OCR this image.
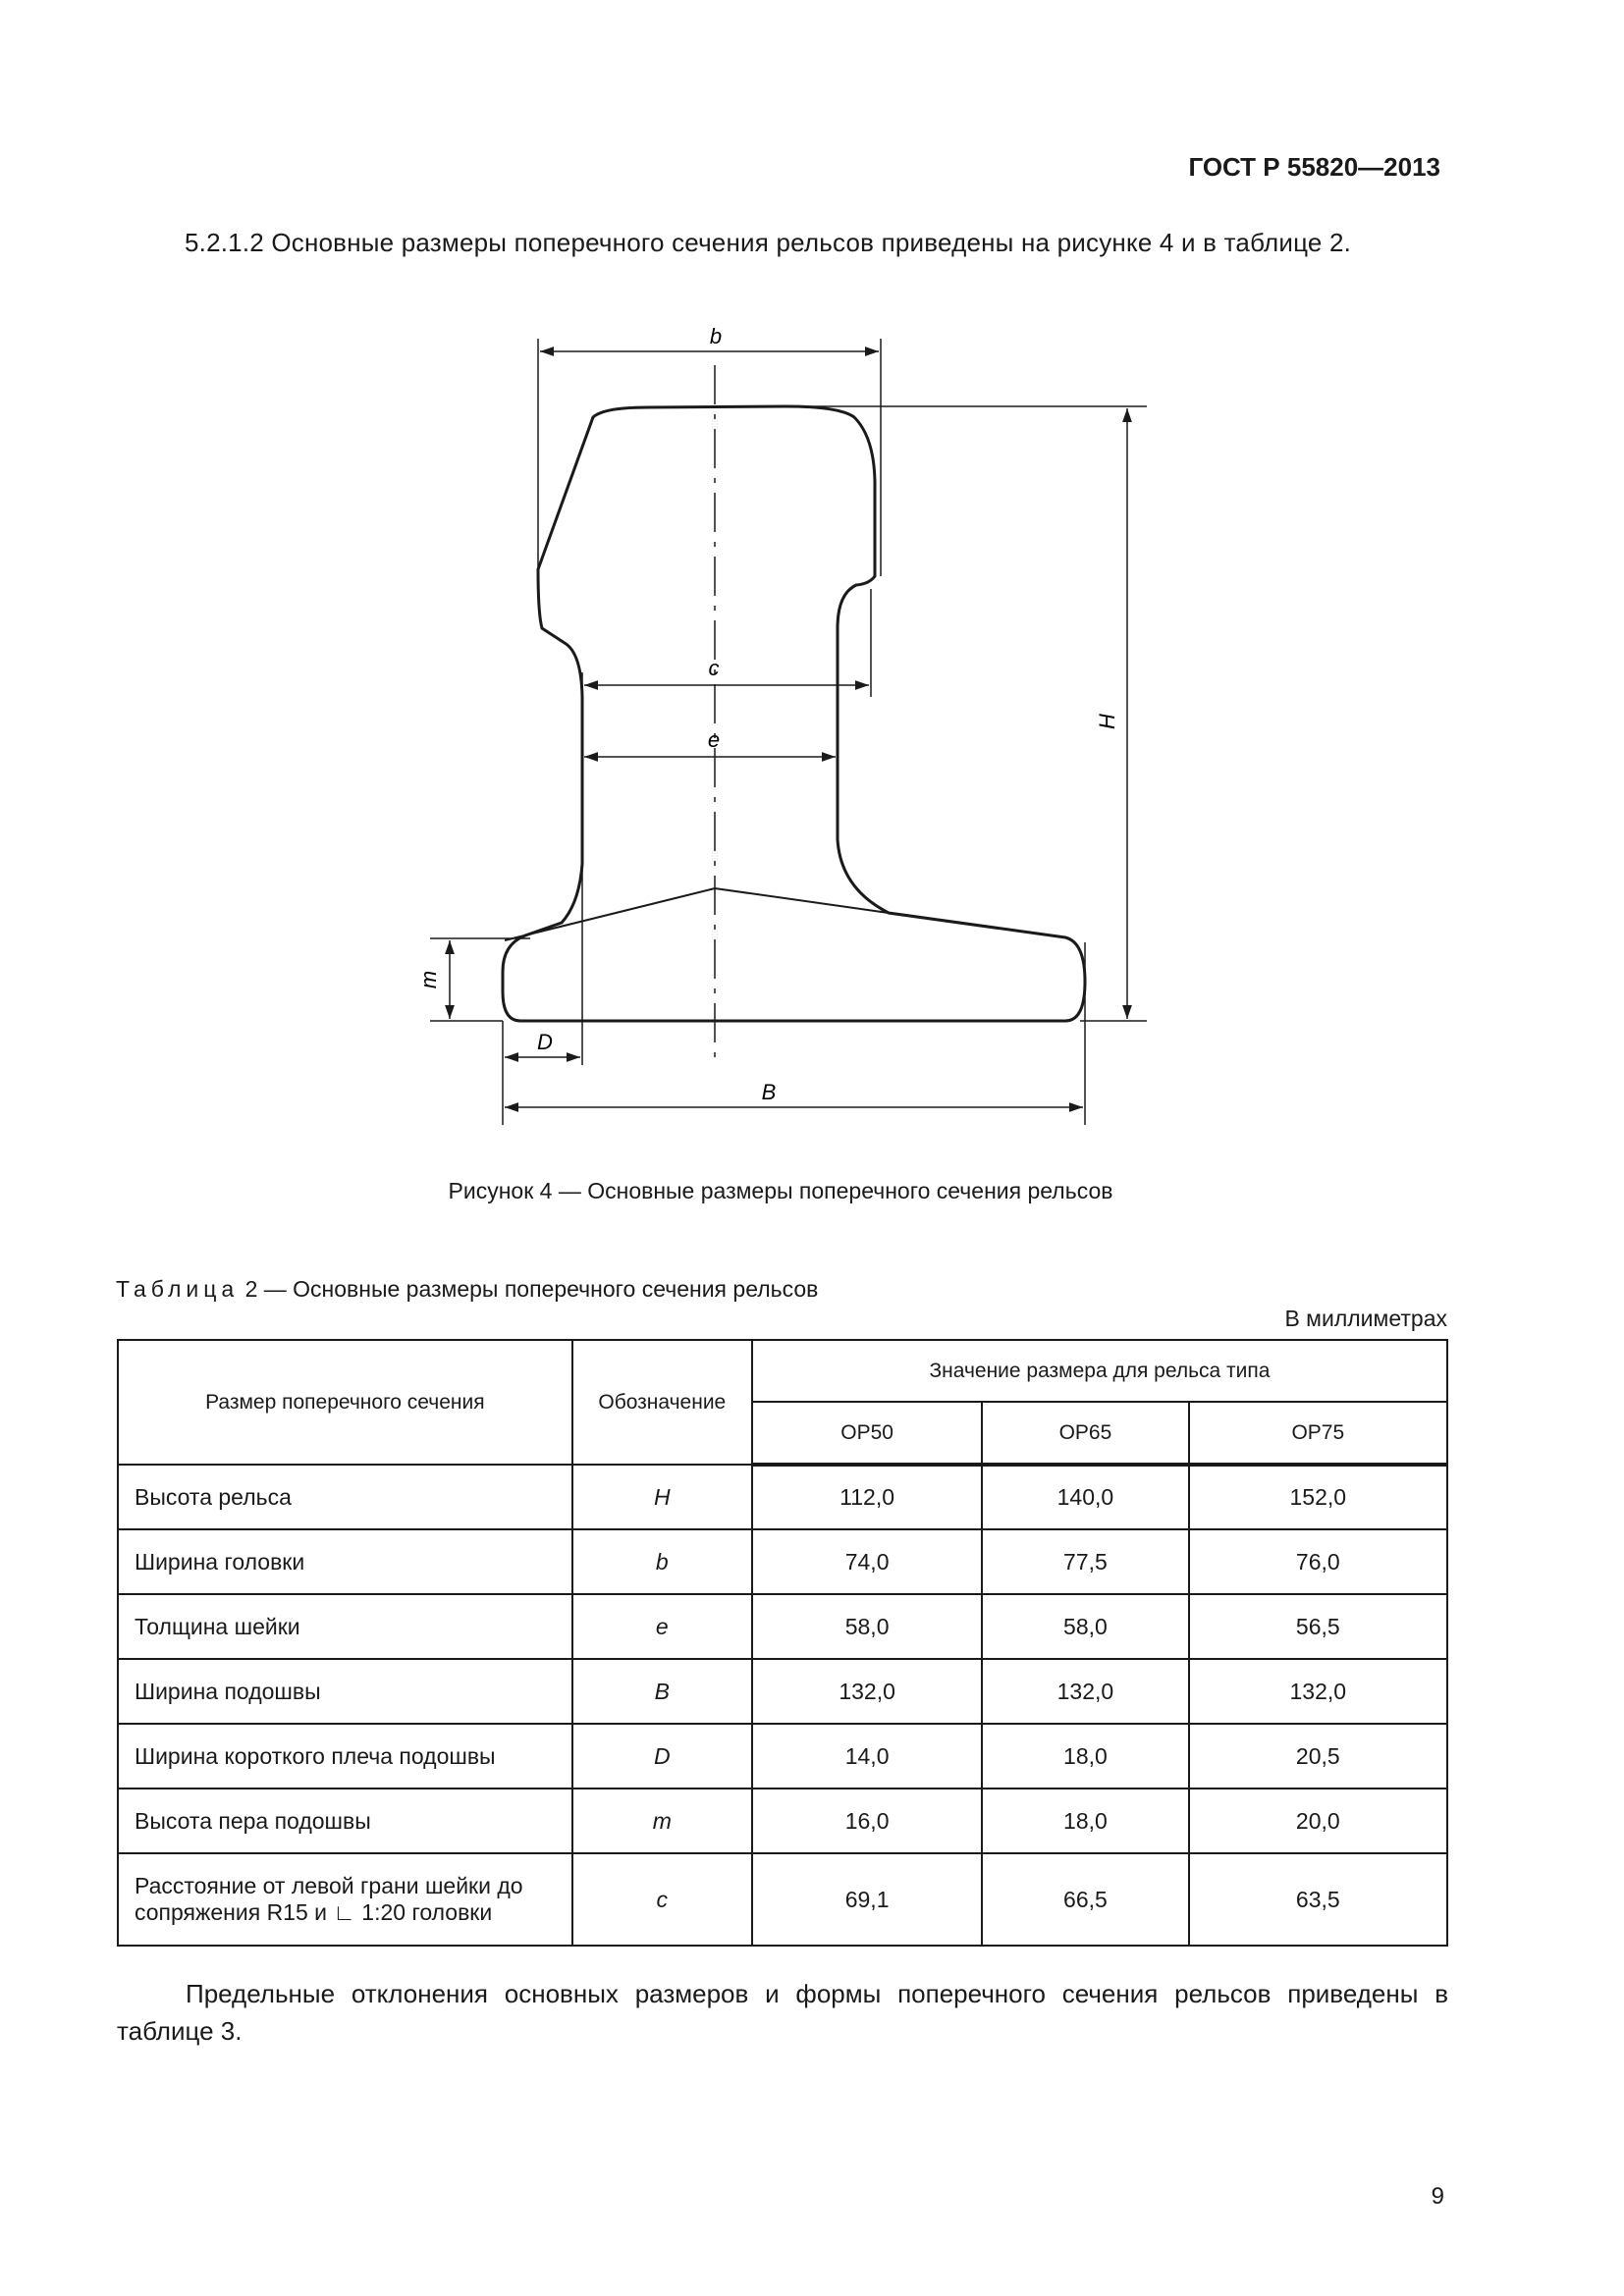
ГОСТ Р 55820—2013
5.2.1.2 Основные размеры поперечного сечения рельсов приведены на рисунке 4 и в таблице 2.
b
c
e
H
m
D
B
Рисунок 4 — Основные размеры поперечного сечения рельсов
Таблица 2 — Основные размеры поперечного сечения рельсов
В миллиметрах
Размер поперечного сечения	Обозначение	Значение размера для рельса типа		
		ОР50	ОР65	ОР75
Высота рельса	H	112,0	140,0	152,0
Ширина головки	b	74,0	77,5	76,0
Толщина шейки	e	58,0	58,0	56,5
Ширина подошвы	B	132,0	132,0	132,0
Ширина короткого плеча подошвы	D	14,0	18,0	20,5
Высота пера подошвы	m	16,0	18,0	20,0

Расстояние от левой грани шейки до
сопряжения R15 и ∟ 1:20 головки	c	69,1	66,5	63,5
Предельные отклонения основных размеров и формы поперечного сечения рельсов приведены в таблице 3.
9
